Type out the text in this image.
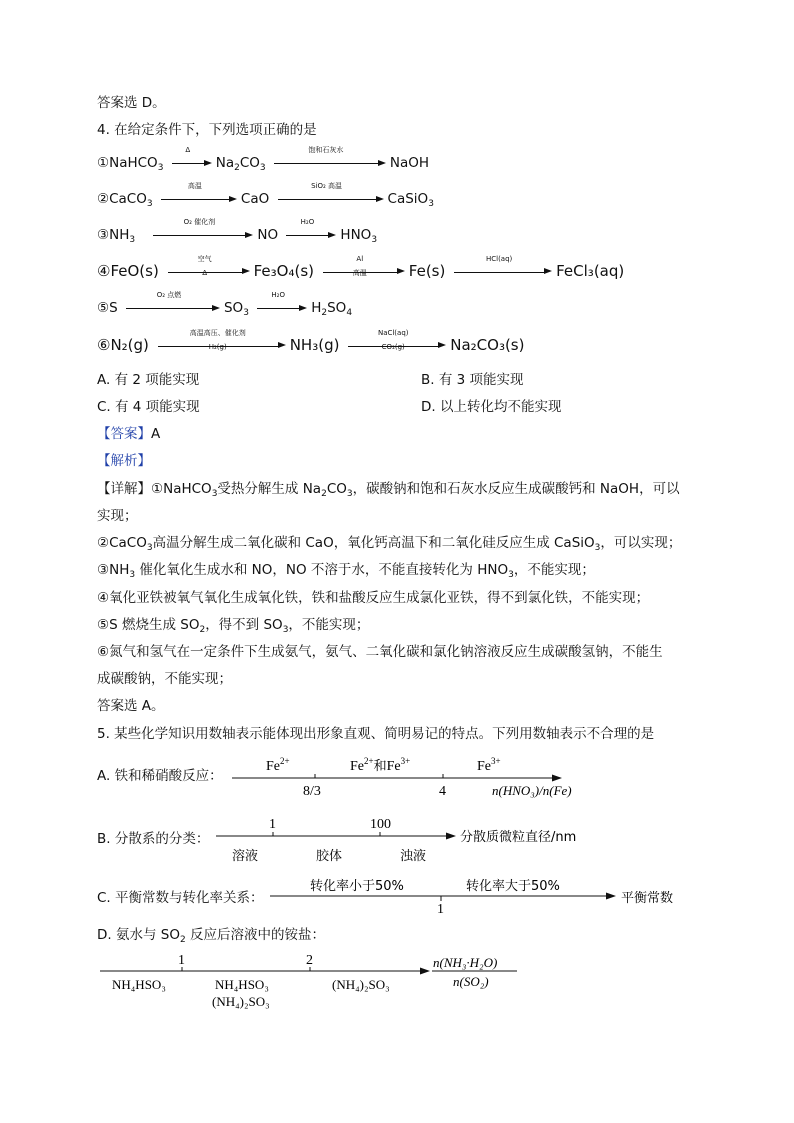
答案选 D。
4. 在给定条件下，下列选项正确的是
①NaHCO$_3$
Δ
$Na_2CO_3$
饱和石灰水
NaOH
②CaCO$_3$
高温
CaO
SiO₂ 高温
CaSiO$_3$
$③NH_3$
O₂ 催化剂
NO
H₂O
$HNO_3$
④FeO(s)
空气
Δ	Fe₃O₄(s)
Al
高温	Fe(s)
HCl(aq)
FeCl₃(aq)
⑤S
O₂ 点燃
$SO_3$
H₂O
$H_2SO_4$
⑥N₂(g)
高温高压、催化剂
H₂(g)	NH₃(g)
NaCl(aq)
CO₂(g)	Na₂CO₃(s)
A. 有 2 项能实现	B. 有 3 项能实现
C. 有 4 项能实现	D. 以上转化均不能实现
【答案】A
【解析】
【详解】①NaHCO$_3$受热分解生成 $Na_2CO_3$，碳酸钠和饱和石灰水反应生成碳酸钙和 NaOH，可以
实现；
②CaCO$_3$高温分解生成二氧化碳和 CaO，氧化钙高温下和二氧化硅反应生成 CaSiO$_3$，可以实现；
$③NH_3$ 催化氧化生成水和 NO，NO 不溶于水，不能直接转化为 $HNO_3$，不能实现；
④氧化亚铁被氧气氧化生成氧化铁，铁和盐酸反应生成氯化亚铁，得不到氯化铁，不能实现；
⑤S 燃烧生成 $SO_2$，得不到 $SO_3$，不能实现；
⑥氮气和氢气在一定条件下生成氨气，氨气、二氧化碳和氯化钠溶液反应生成碳酸氢钠，不能生
成碳酸钠，不能实现；
答案选 A。
5. 某些化学知识用数轴表示能体现出形象直观、简明易记的特点。下列用数轴表示不合理的是
A. 铁和稀硝酸反应：
$Fe^{2+}$	$Fe^{2+}$和$Fe^{3+}$	$Fe^{3+}$
8/3	4	n(HNO₃)/n(Fe)
B. 分散系的分类：
1	100
溶液	胶体	浊液
分散质微粒直径/nm
C. 平衡常数与转化率关系：
转化率小于50%	转化率大于50%
1
平衡常数
D. 氨水与 $SO_2$ 反应后溶液中的铵盐：
1	2
NH₄HSO₃	NH₄HSO₃
(NH₄)₂SO₃
(NH₄)₂SO₃
n(NH₃·H₂O)
n(SO₂)
